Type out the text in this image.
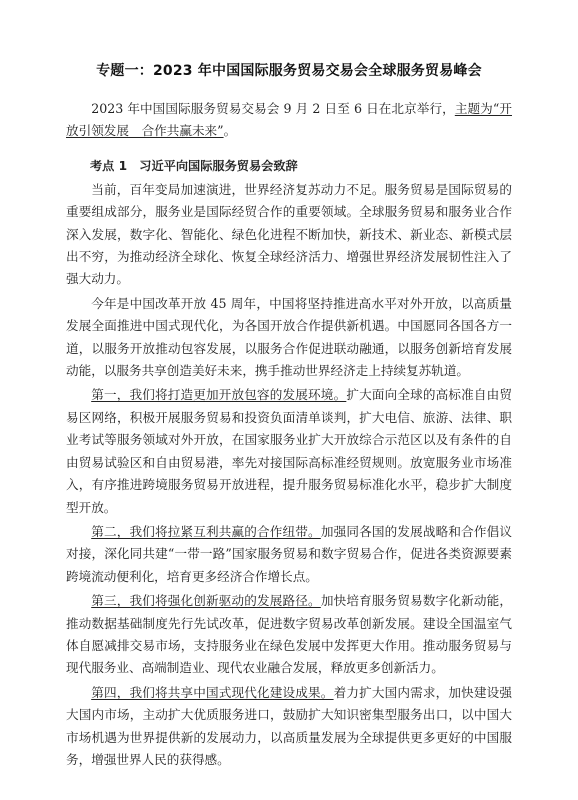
专题一：2023 年中国国际服务贸易交易会全球服务贸易峰会

2023 年中国国际服务贸易交易会 9 月 2 日至 6 日在北京举行，主题为“开放引领发展　合作共赢未来”。

考点 1　习近平向国际服务贸易会致辞

当前，百年变局加速演进，世界经济复苏动力不足。服务贸易是国际贸易的重要组成部分，服务业是国际经贸合作的重要领域。全球服务贸易和服务业合作深入发展，数字化、智能化、绿色化进程不断加快，新技术、新业态、新模式层出不穷，为推动经济全球化、恢复全球经济活力、增强世界经济发展韧性注入了强大动力。

今年是中国改革开放 45 周年，中国将坚持推进高水平对外开放，以高质量发展全面推进中国式现代化，为各国开放合作提供新机遇。中国愿同各国各方一道，以服务开放推动包容发展，以服务合作促进联动融通，以服务创新培育发展动能，以服务共享创造美好未来，携手推动世界经济走上持续复苏轨道。

第一，我们将打造更加开放包容的发展环境。扩大面向全球的高标准自由贸易区网络，积极开展服务贸易和投资负面清单谈判，扩大电信、旅游、法律、职业考试等服务领域对外开放，在国家服务业扩大开放综合示范区以及有条件的自由贸易试验区和自由贸易港，率先对接国际高标准经贸规则。放宽服务业市场准入，有序推进跨境服务贸易开放进程，提升服务贸易标准化水平，稳步扩大制度型开放。

第二，我们将拉紧互利共赢的合作纽带。加强同各国的发展战略和合作倡议对接，深化同共建“一带一路”国家服务贸易和数字贸易合作，促进各类资源要素跨境流动便利化，培育更多经济合作增长点。

第三，我们将强化创新驱动的发展路径。加快培育服务贸易数字化新动能，推动数据基础制度先行先试改革，促进数字贸易改革创新发展。建设全国温室气体自愿减排交易市场，支持服务业在绿色发展中发挥更大作用。推动服务贸易与现代服务业、高端制造业、现代农业融合发展，释放更多创新活力。

第四，我们将共享中国式现代化建设成果。着力扩大国内需求，加快建设强大国内市场，主动扩大优质服务进口，鼓励扩大知识密集型服务出口，以中国大市场机遇为世界提供新的发展动力，以高质量发展为全球提供更多更好的中国服务，增强世界人民的获得感。
